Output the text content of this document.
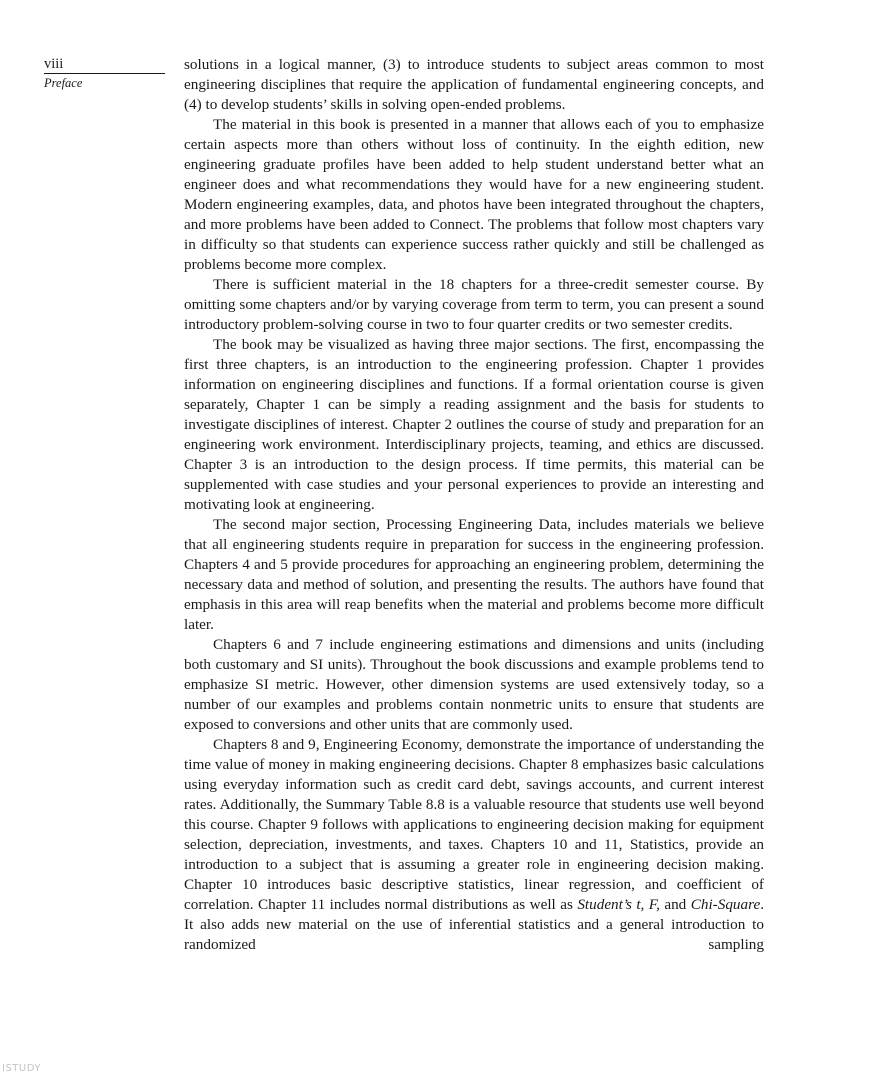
viii
Preface

solutions in a logical manner, (3) to introduce students to subject areas common to most engineering disciplines that require the application of fundamental engineering concepts, and (4) to develop students’ skills in solving open-ended problems.

The material in this book is presented in a manner that allows each of you to emphasize certain aspects more than others without loss of continuity. In the eighth edition, new engineering graduate profiles have been added to help student understand better what an engineer does and what recommendations they would have for a new engineering student. Modern engineering examples, data, and photos have been integrated throughout the chapters, and more problems have been added to Connect. The problems that follow most chapters vary in difficulty so that students can experience success rather quickly and still be challenged as problems become more complex.

There is sufficient material in the 18 chapters for a three-credit semester course. By omitting some chapters and/or by varying coverage from term to term, you can present a sound introductory problem-solving course in two to four quarter credits or two semester credits.

The book may be visualized as having three major sections. The first, encompassing the first three chapters, is an introduction to the engineering profession. Chapter 1 provides information on engineering disciplines and functions. If a formal orientation course is given separately, Chapter 1 can be simply a reading assignment and the basis for students to investigate disciplines of interest. Chapter 2 outlines the course of study and preparation for an engineering work environment. Interdisciplinary projects, teaming, and ethics are discussed. Chapter 3 is an introduction to the design process. If time permits, this material can be supplemented with case studies and your personal experiences to provide an interesting and motivating look at engineering.

The second major section, Processing Engineering Data, includes materials we believe that all engineering students require in preparation for success in the engineering profession. Chapters 4 and 5 provide procedures for approaching an engineering problem, determining the necessary data and method of solution, and presenting the results. The authors have found that emphasis in this area will reap benefits when the material and problems become more difficult later.

Chapters 6 and 7 include engineering estimations and dimensions and units (including both customary and SI units). Throughout the book discussions and example problems tend to emphasize SI metric. However, other dimension systems are used extensively today, so a number of our examples and problems contain nonmetric units to ensure that students are exposed to conversions and other units that are commonly used.

Chapters 8 and 9, Engineering Economy, demonstrate the importance of understanding the time value of money in making engineering decisions. Chapter 8 emphasizes basic calculations using everyday information such as credit card debt, savings accounts, and current interest rates. Additionally, the Summary Table 8.8 is a valuable resource that students use well beyond this course. Chapter 9 follows with applications to engineering decision making for equipment selection, depreciation, investments, and taxes. Chapters 10 and 11, Statistics, provide an introduction to a subject that is assuming a greater role in engineering decision making. Chapter 10 introduces basic descriptive statistics, linear regression, and coefficient of correlation. Chapter 11 includes normal distributions as well as Student’s t, F, and Chi-Square. It also adds new material on the use of inferential statistics and a general introduction to randomized sampling

ISTUDY
